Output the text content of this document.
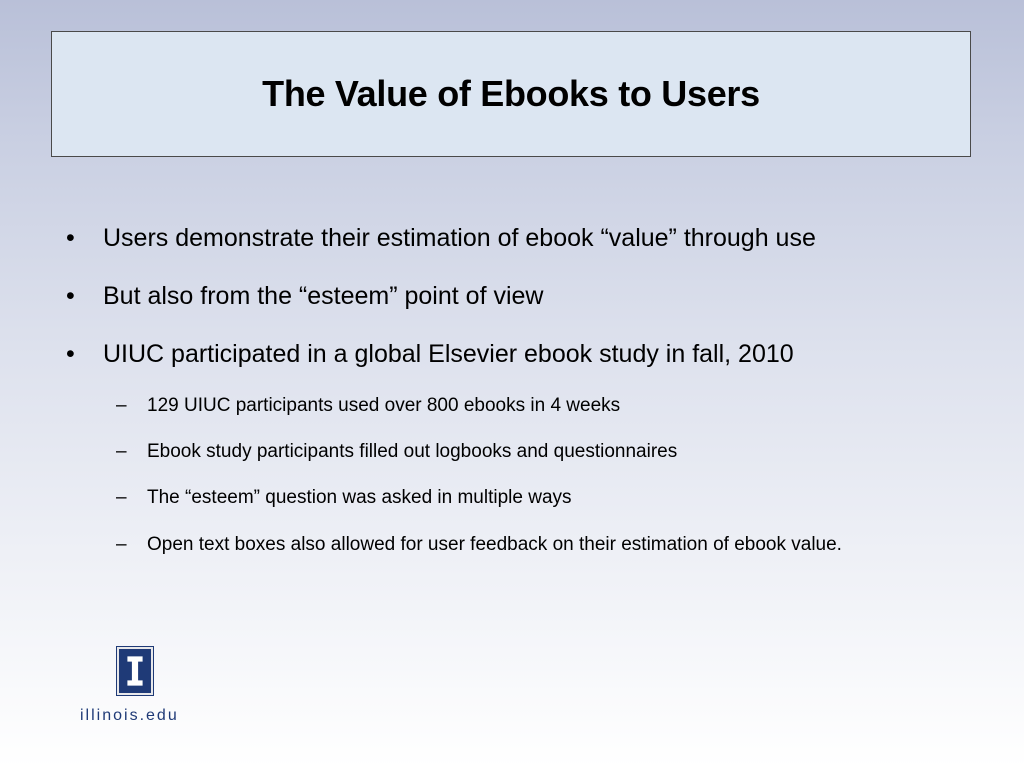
The Value of Ebooks to Users
• Users demonstrate their estimation of ebook “value” through use
• But also from the “esteem” point of view
• UIUC participated in a global Elsevier ebook study in fall, 2010
– 129 UIUC participants used over 800 ebooks in 4 weeks
– Ebook study participants filled out logbooks and questionnaires
– The “esteem” question was asked in multiple ways
– Open text boxes also allowed for user feedback on their estimation of ebook value.
illinois.edu
